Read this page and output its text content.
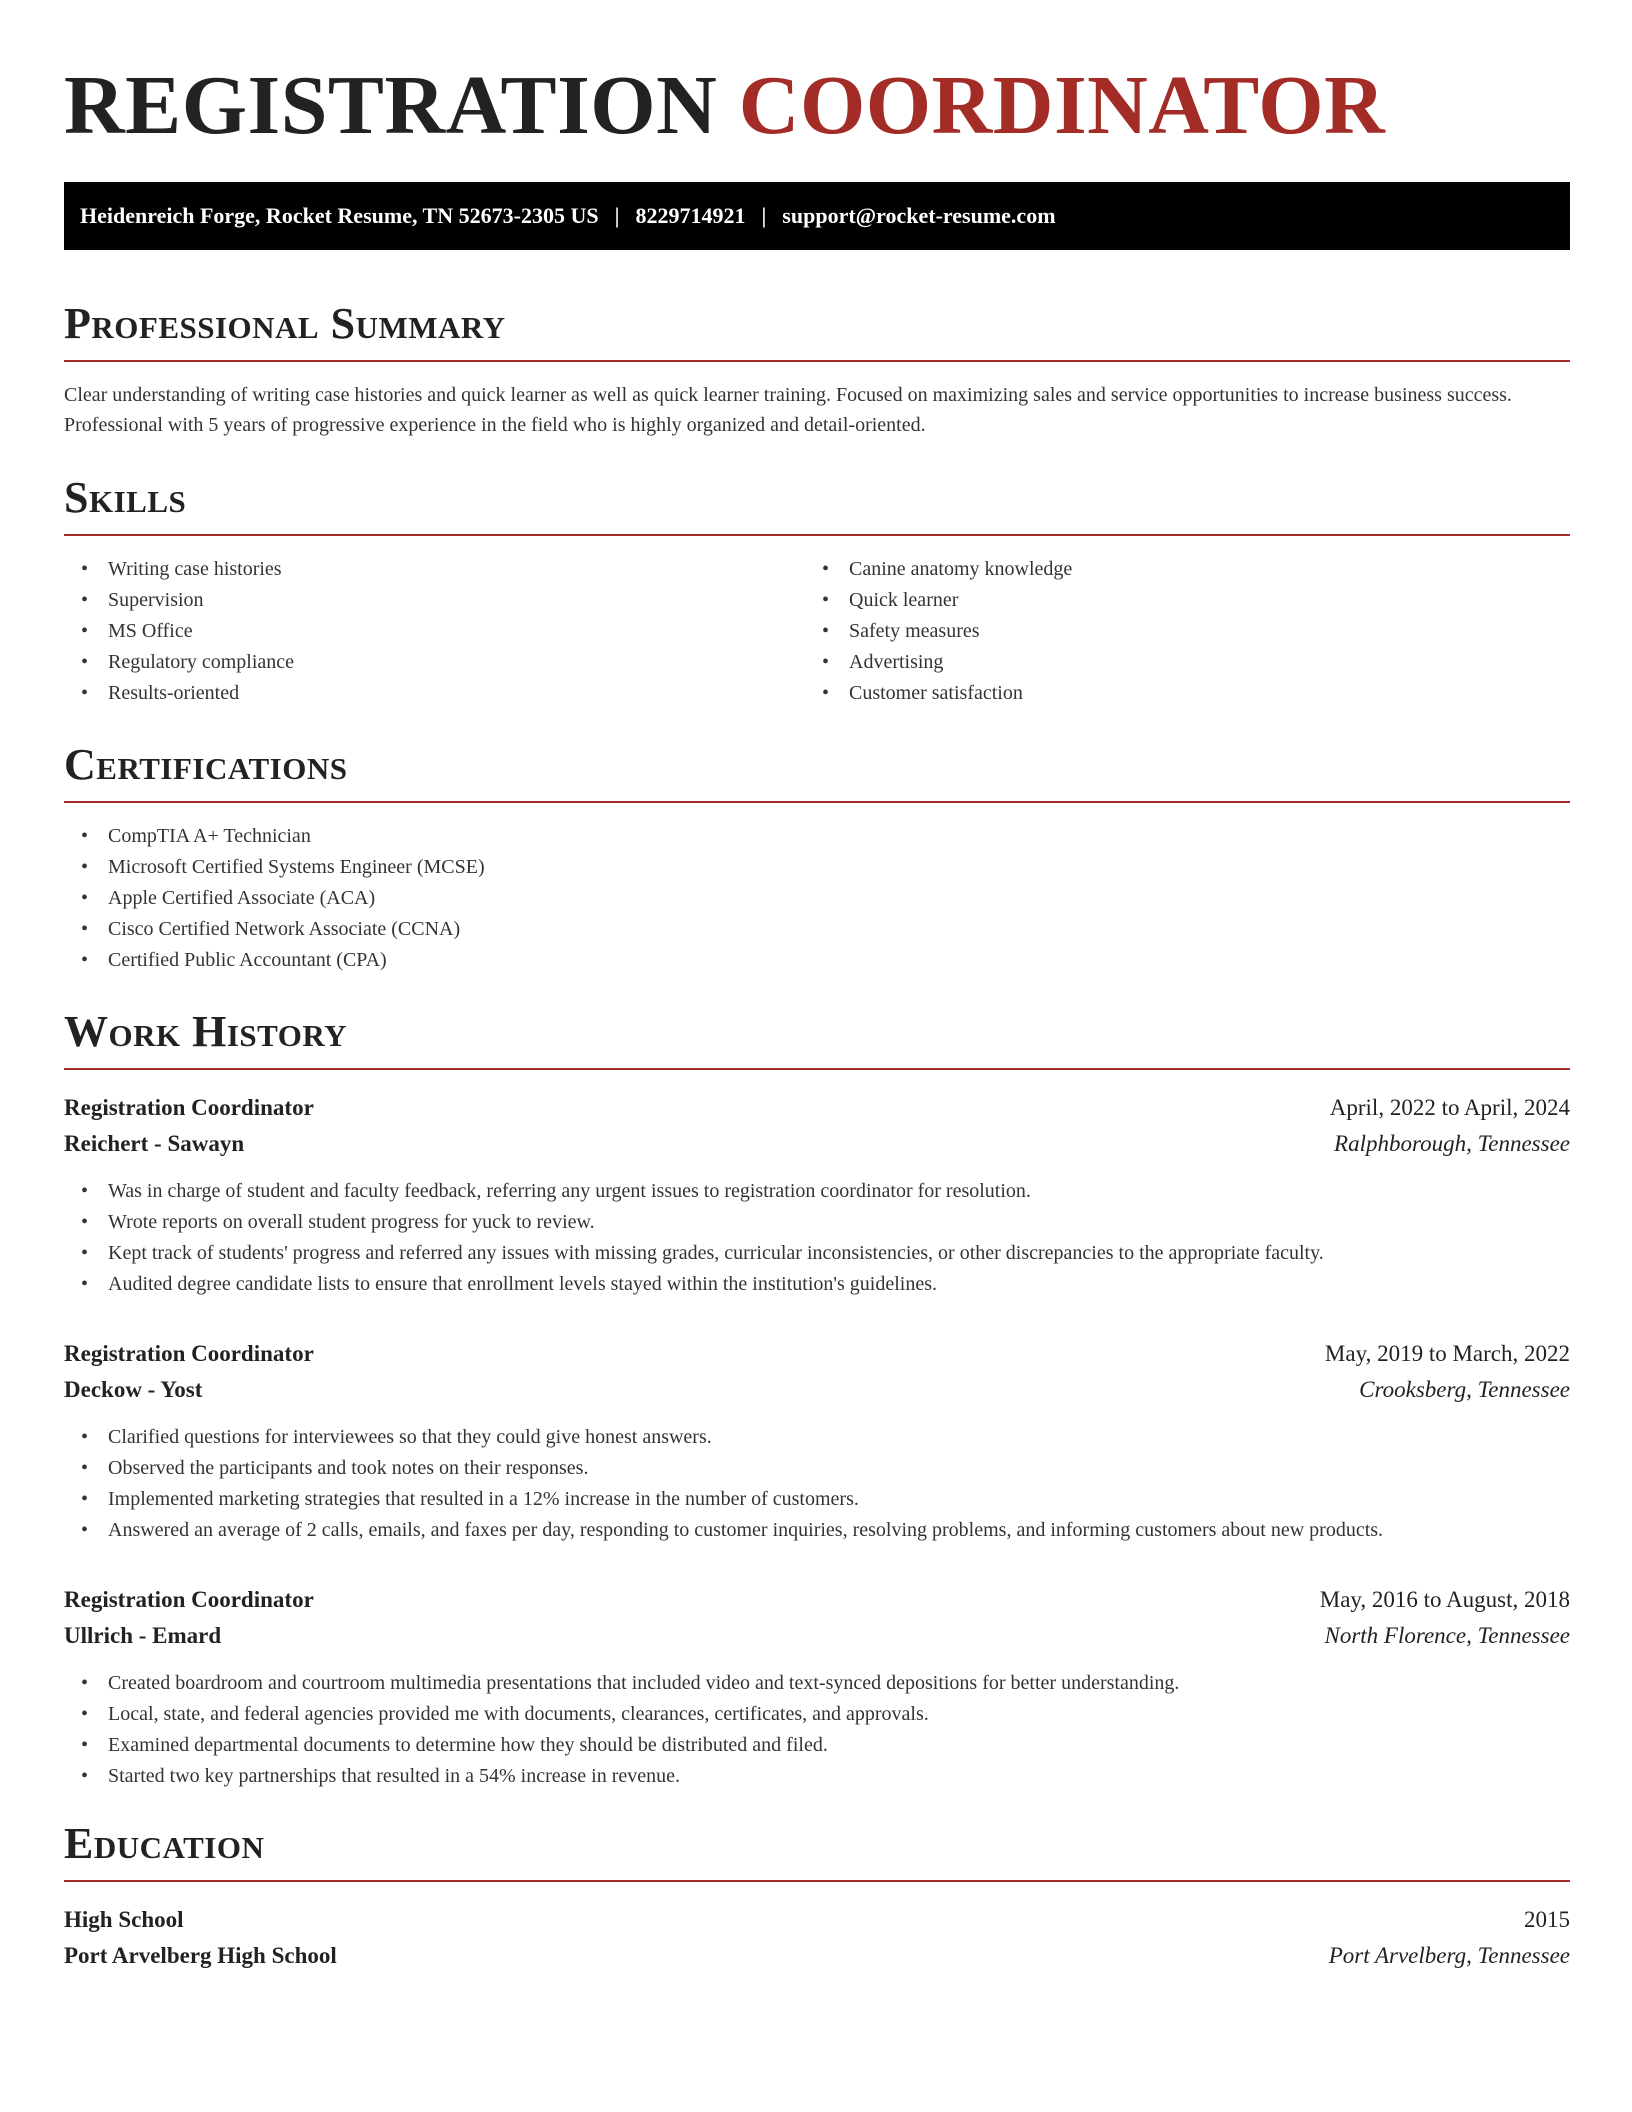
REGISTRATION COORDINATOR
Heidenreich Forge, Rocket Resume, TN 52673-2305 US | 8229714921 | support@rocket-resume.com
Professional Summary

Clear understanding of writing case histories and quick learner as well as quick learner training. Focused on maximizing sales and service opportunities to increase business success. Professional with 5 years of progressive experience in the field who is highly organized and detail-oriented.

Skills
• Writing case histories
• Supervision
• MS Office
• Regulatory compliance
• Results-oriented
• Canine anatomy knowledge
• Quick learner
• Safety measures
• Advertising
• Customer satisfaction
Certifications
• CompTIA A+ Technician
• Microsoft Certified Systems Engineer (MCSE)
• Apple Certified Associate (ACA)
• Cisco Certified Network Associate (CCNA)
• Certified Public Accountant (CPA)
Work History
Registration Coordinator	April, 2022 to April, 2024
Reichert - Sawayn	Ralphborough, Tennessee
• Was in charge of student and faculty feedback, referring any urgent issues to registration coordinator for resolution.
• Wrote reports on overall student progress for yuck to review.
• Kept track of students' progress and referred any issues with missing grades, curricular inconsistencies, or other discrepancies to the appropriate faculty.
• Audited degree candidate lists to ensure that enrollment levels stayed within the institution's guidelines.
Registration Coordinator	May, 2019 to March, 2022
Deckow - Yost	Crooksberg, Tennessee
• Clarified questions for interviewees so that they could give honest answers.
• Observed the participants and took notes on their responses.
• Implemented marketing strategies that resulted in a 12% increase in the number of customers.
• Answered an average of 2 calls, emails, and faxes per day, responding to customer inquiries, resolving problems, and informing customers about new products.
Registration Coordinator	May, 2016 to August, 2018
Ullrich - Emard	North Florence, Tennessee
• Created boardroom and courtroom multimedia presentations that included video and text-synced depositions for better understanding.
• Local, state, and federal agencies provided me with documents, clearances, certificates, and approvals.
• Examined departmental documents to determine how they should be distributed and filed.
• Started two key partnerships that resulted in a 54% increase in revenue.
Education
High School	2015
Port Arvelberg High School	Port Arvelberg, Tennessee
